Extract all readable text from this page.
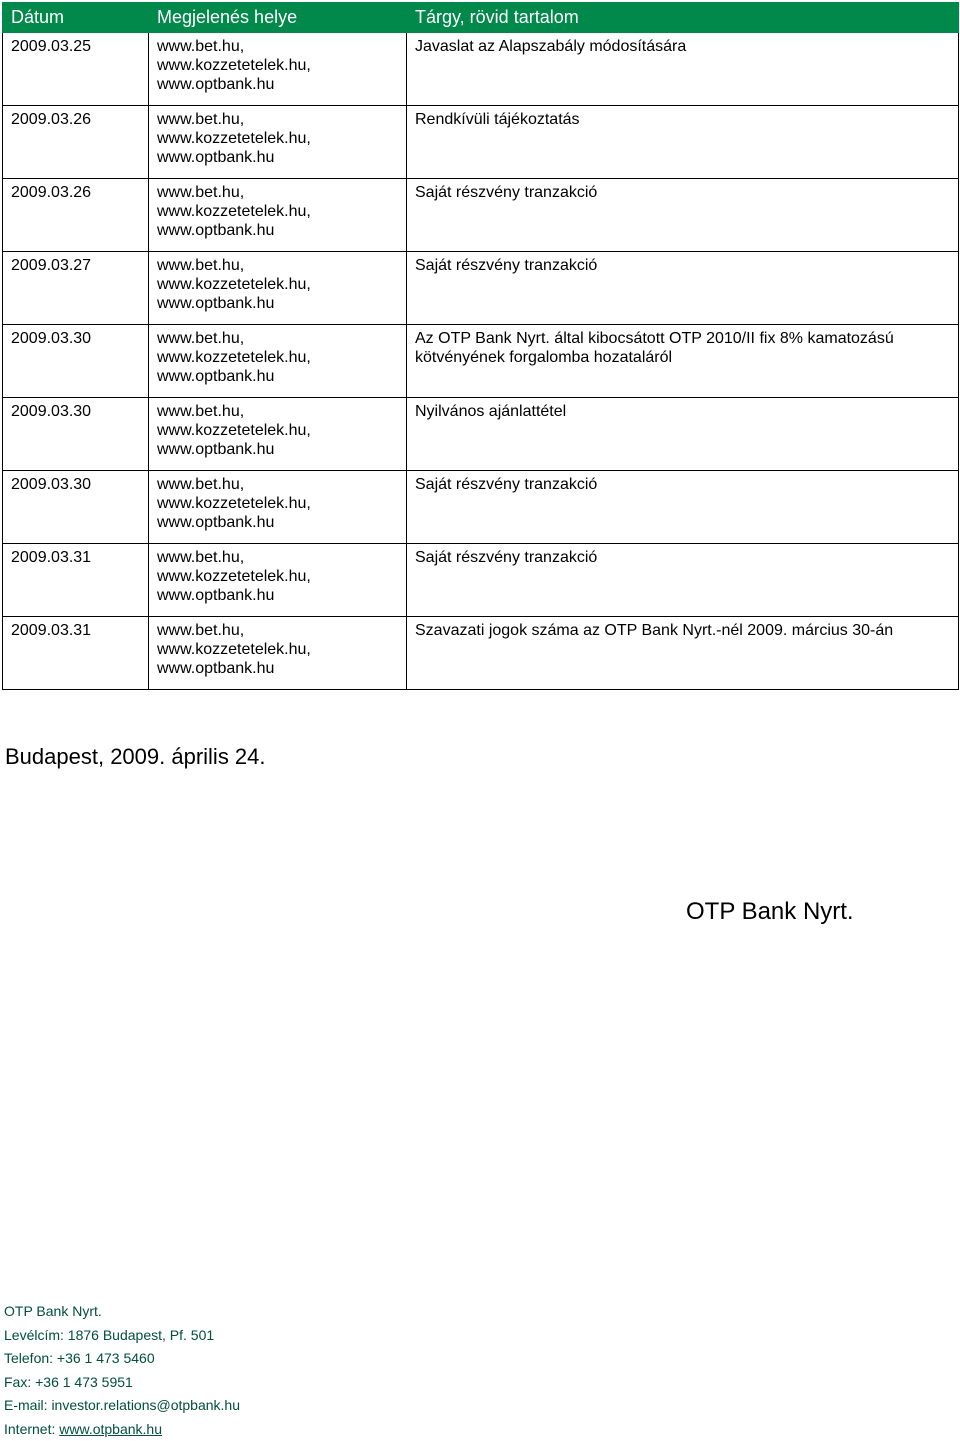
Dátum	Megjelenés helye	Tárgy, rövid tartalom
2009.03.25	www.bet.hu,
www.kozzetetelek.hu,
www.optbank.hu	Javaslat az Alapszabály módosítására
2009.03.26	www.bet.hu,
www.kozzetetelek.hu,
www.optbank.hu	Rendkívüli tájékoztatás
2009.03.26	www.bet.hu,
www.kozzetetelek.hu,
www.optbank.hu	Saját részvény tranzakció
2009.03.27	www.bet.hu,
www.kozzetetelek.hu,
www.optbank.hu	Saját részvény tranzakció
2009.03.30	www.bet.hu,
www.kozzetetelek.hu,
www.optbank.hu	Az OTP Bank Nyrt. által kibocsátott OTP 2010/II fix 8% kamatozású kötvényének forgalomba hozataláról
2009.03.30	www.bet.hu,
www.kozzetetelek.hu,
www.optbank.hu	Nyilvános ajánlattétel
2009.03.30	www.bet.hu,
www.kozzetetelek.hu,
www.optbank.hu	Saját részvény tranzakció
2009.03.31	www.bet.hu,
www.kozzetetelek.hu,
www.optbank.hu	Saját részvény tranzakció
2009.03.31	www.bet.hu,
www.kozzetetelek.hu,
www.optbank.hu	Szavazati jogok száma az OTP Bank Nyrt.-nél 2009. március 30-án
Budapest, 2009. április 24.
OTP Bank Nyrt.
OTP Bank Nyrt.
Levélcím: 1876 Budapest, Pf. 501
Telefon: +36 1 473 5460
Fax: +36 1 473 5951
E-mail: investor.relations@otpbank.hu
Internet: www.otpbank.hu
